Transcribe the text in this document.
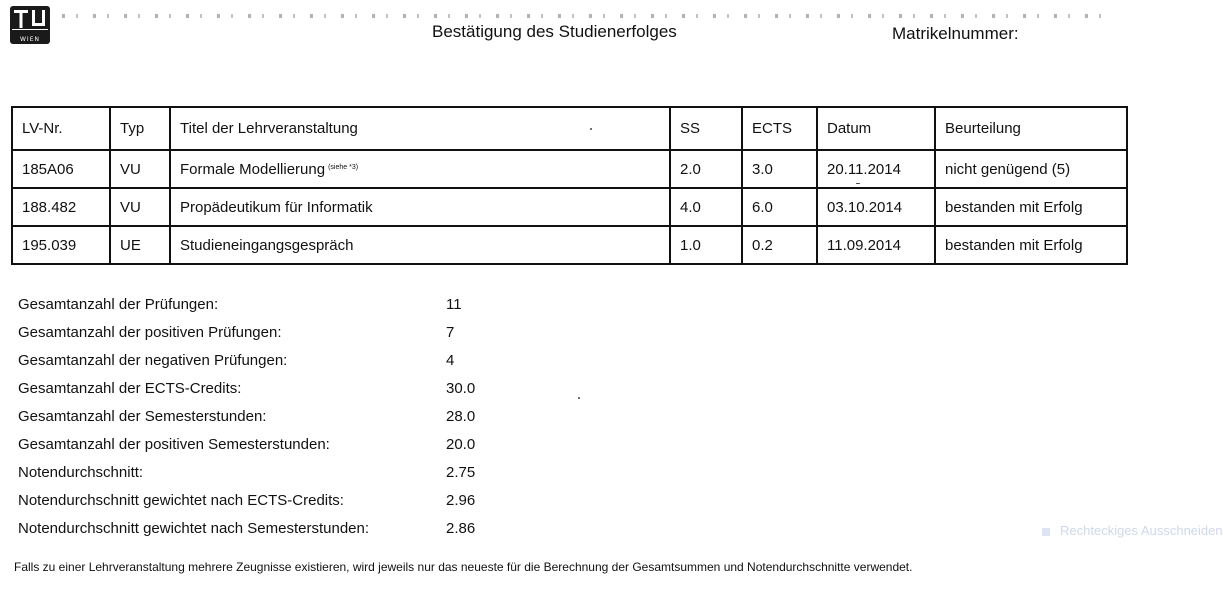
WIEN	Bestätigung des Studienerfolges	Matrikelnummer:
LV-Nr.	Typ	Titel der Lehrveranstaltung	SS	ECTS	Datum	Beurteilung
185A06	VU	Formale Modellierung $^{(siehe *3)}$	2.0	3.0	20.11.2014	nicht genügend (5)
188.482	VU	Propädeutikum für Informatik	4.0	6.0	03.10.2014	bestanden mit Erfolg
195.039	UE	Studieneingangsgespräch	1.0	0.2	11.09.2014	bestanden mit Erfolg
Gesamtanzahl der Prüfungen:	11
Gesamtanzahl der positiven Prüfungen:	7
Gesamtanzahl der negativen Prüfungen:	4
Gesamtanzahl der ECTS-Credits:	30.0
Gesamtanzahl der Semesterstunden:	28.0
Gesamtanzahl der positiven Semesterstunden:	20.0
Notendurchschnitt:	2.75
Notendurchschnitt gewichtet nach ECTS-Credits:	2.96
Notendurchschnitt gewichtet nach Semesterstunden:	2.86	Rechteckiges Ausschneiden
Falls zu einer Lehrveranstaltung mehrere Zeugnisse existieren, wird jeweils nur das neueste für die Berechnung der Gesamtsummen und Notendurchschnitte verwendet.
